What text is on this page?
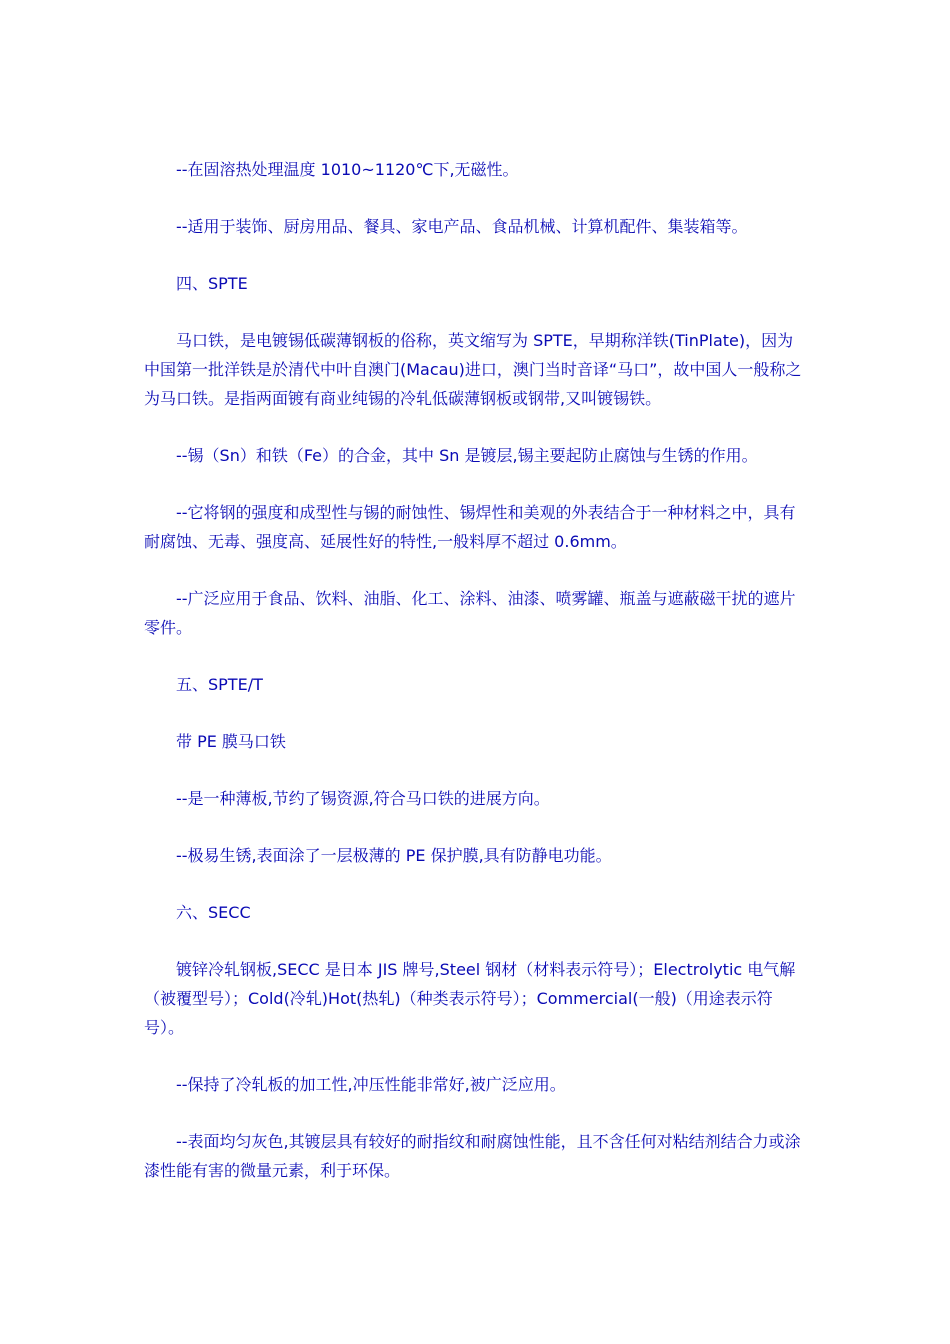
--在固溶热处理温度 1010~1120℃下,无磁性。

--适用于装饰、厨房用品、餐具、家电产品、食品机械、计算机配件、集装箱等。

四、SPTE

马口铁，是电镀锡低碳薄钢板的俗称，英文缩写为 SPTE，早期称洋铁(TinPlate)，因为中国第一批洋铁是於清代中叶自澳门(Macau)进口，澳门当时音译“马口”，故中国人一般称之为马口铁。是指两面镀有商业纯锡的冷轧低碳薄钢板或钢带,又叫镀锡铁。

--锡（Sn）和铁（Fe）的合金，其中 Sn 是镀层,锡主要起防止腐蚀与生锈的作用。

--它将钢的强度和成型性与锡的耐蚀性、锡焊性和美观的外表结合于一种材料之中，具有耐腐蚀、无毒、强度高、延展性好的特性,一般料厚不超过 0.6mm。

--广泛应用于食品、饮料、油脂、化工、涂料、油漆、喷雾罐、瓶盖与遮蔽磁干扰的遮片零件。

五、SPTE/T

带 PE 膜马口铁

--是一种薄板,节约了锡资源,符合马口铁的进展方向。

--极易生锈,表面涂了一层极薄的 PE 保护膜,具有防静电功能。

六、SECC

镀锌冷轧钢板,SECC 是日本 JIS 牌号,Steel 钢材（材料表示符号）；Electrolytic 电气解（被覆型号）；Cold(冷轧)Hot(热轧)（种类表示符号）；Commercial(一般)（用途表示符号）。

--保持了冷轧板的加工性,冲压性能非常好,被广泛应用。

--表面均匀灰色,其镀层具有较好的耐指纹和耐腐蚀性能，且不含任何对粘结剂结合力或涂漆性能有害的微量元素，利于环保。
